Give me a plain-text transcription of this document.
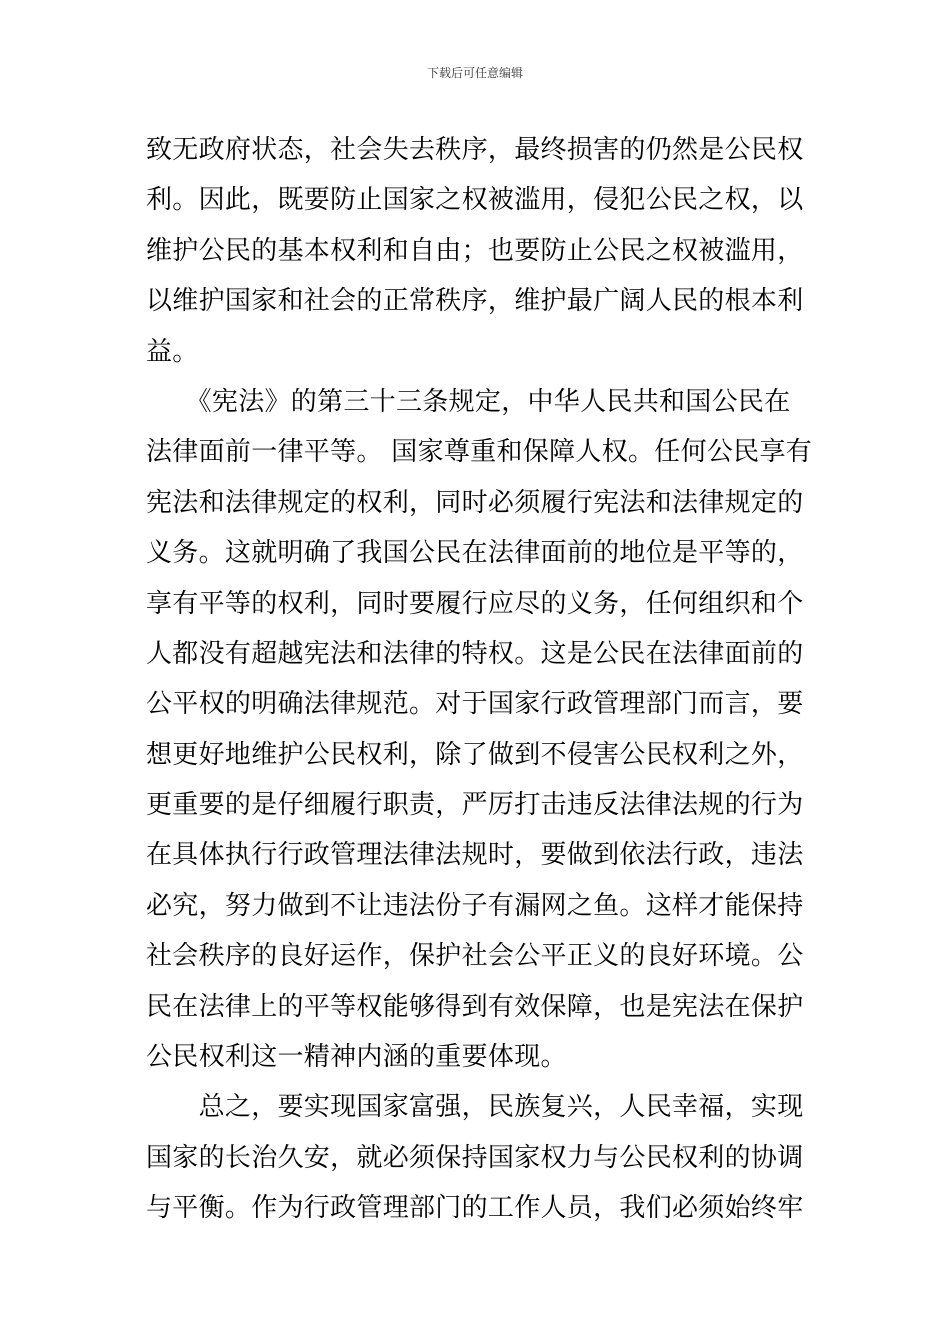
下载后可任意编辑
致无政府状态，社会失去秩序，最终损害的仍然是公民权
利。因此，既要防止国家之权被滥用，侵犯公民之权，以
维护公民的基本权利和自由；也要防止公民之权被滥用，
以维护国家和社会的正常秩序，维护最广阔人民的根本利
益。
　　《宪法》的第三十三条规定，中华人民共和国公民在
法律面前一律平等。 国家尊重和保障人权。任何公民享有
宪法和法律规定的权利，同时必须履行宪法和法律规定的
义务。这就明确了我国公民在法律面前的地位是平等的，
享有平等的权利，同时要履行应尽的义务，任何组织和个
人都没有超越宪法和法律的特权。这是公民在法律面前的
公平权的明确法律规范。对于国家行政管理部门而言，要
想更好地维护公民权利，除了做到不侵害公民权利之外，
更重要的是仔细履行职责，严厉打击违反法律法规的行为
在具体执行行政管理法律法规时，要做到依法行政，违法
必究，努力做到不让违法份子有漏网之鱼。这样才能保持
社会秩序的良好运作，保护社会公平正义的良好环境。公
民在法律上的平等权能够得到有效保障，也是宪法在保护
公民权利这一精神内涵的重要体现。
　　总之，要实现国家富强，民族复兴，人民幸福，实现
国家的长治久安，就必须保持国家权力与公民权利的协调
与平衡。作为行政管理部门的工作人员，我们必须始终牢
